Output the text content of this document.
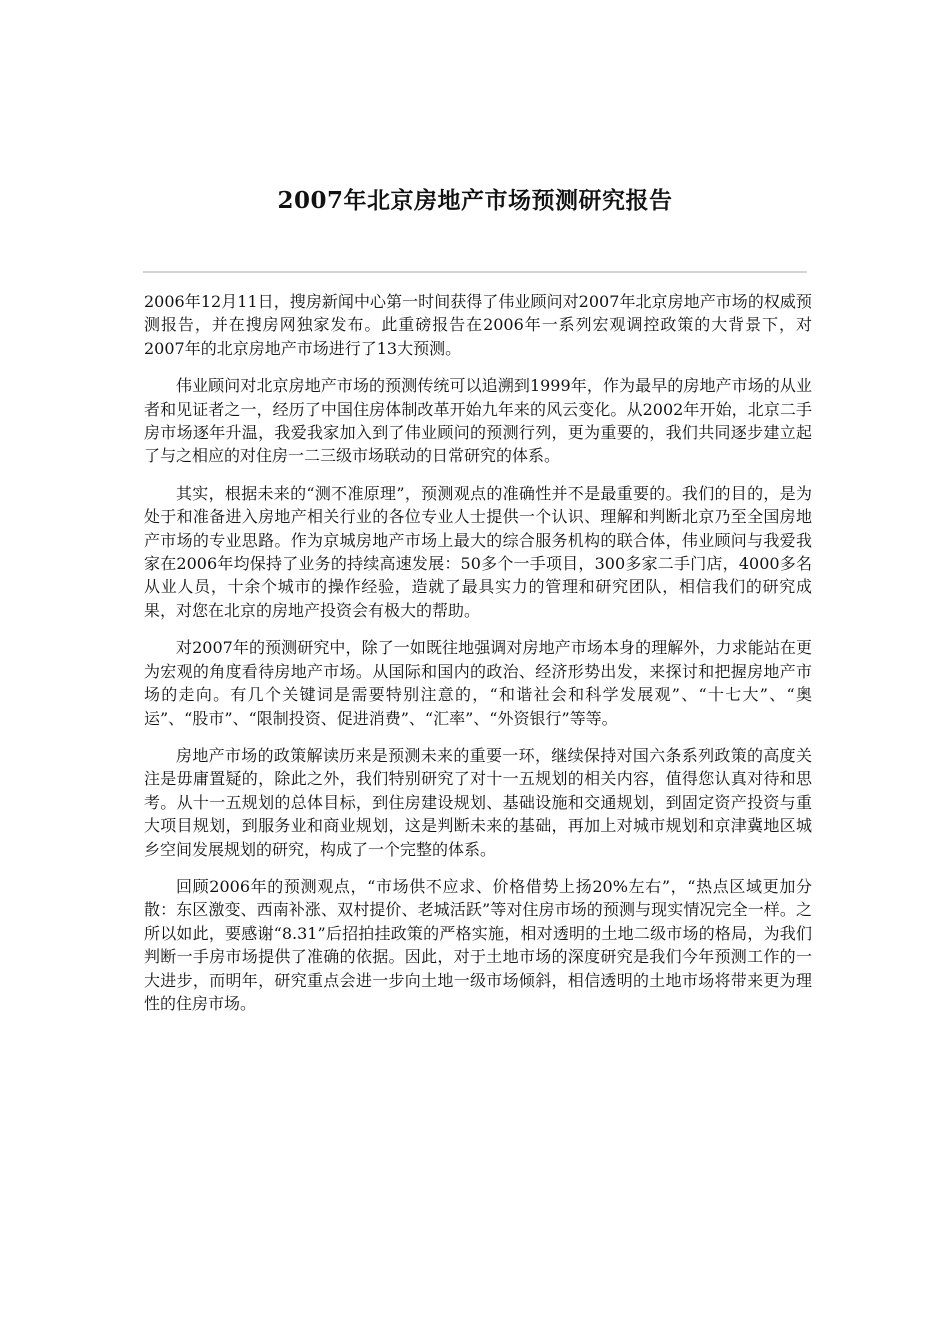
2007年北京房地产市场预测研究报告

2006年12月11日，搜房新闻中心第一时间获得了伟业顾问对2007年北京房地产市场的权威预测报告，并在搜房网独家发布。此重磅报告在2006年一系列宏观调控政策的大背景下，对2007年的北京房地产市场进行了13大预测。

伟业顾问对北京房地产市场的预测传统可以追溯到1999年，作为最早的房地产市场的从业者和见证者之一，经历了中国住房体制改革开始九年来的风云变化。从2002年开始，北京二手房市场逐年升温，我爱我家加入到了伟业顾问的预测行列，更为重要的，我们共同逐步建立起了与之相应的对住房一二三级市场联动的日常研究的体系。

其实，根据未来的“测不准原理”，预测观点的准确性并不是最重要的。我们的目的，是为处于和准备进入房地产相关行业的各位专业人士提供一个认识、理解和判断北京乃至全国房地产市场的专业思路。作为京城房地产市场上最大的综合服务机构的联合体，伟业顾问与我爱我家在2006年均保持了业务的持续高速发展：50多个一手项目，300多家二手门店，4000多名从业人员，十余个城市的操作经验，造就了最具实力的管理和研究团队，相信我们的研究成果，对您在北京的房地产投资会有极大的帮助。

对2007年的预测研究中，除了一如既往地强调对房地产市场本身的理解外，力求能站在更为宏观的角度看待房地产市场。从国际和国内的政治、经济形势出发，来探讨和把握房地产市场的走向。有几个关键词是需要特别注意的，“和谐社会和科学发展观”、“十七大”、“奥运”、“股市”、“限制投资、促进消费”、“汇率”、“外资银行”等等。

房地产市场的政策解读历来是预测未来的重要一环，继续保持对国六条系列政策的高度关注是毋庸置疑的，除此之外，我们特别研究了对十一五规划的相关内容，值得您认真对待和思考。从十一五规划的总体目标，到住房建设规划、基础设施和交通规划，到固定资产投资与重大项目规划，到服务业和商业规划，这是判断未来的基础，再加上对城市规划和京津冀地区城乡空间发展规划的研究，构成了一个完整的体系。

回顾2006年的预测观点，“市场供不应求、价格借势上扬20%左右”，“热点区域更加分散：东区激变、西南补涨、双村提价、老城活跃”等对住房市场的预测与现实情况完全一样。之所以如此，要感谢“8.31”后招拍挂政策的严格实施，相对透明的土地二级市场的格局，为我们判断一手房市场提供了准确的依据。因此，对于土地市场的深度研究是我们今年预测工作的一大进步，而明年，研究重点会进一步向土地一级市场倾斜，相信透明的土地市场将带来更为理性的住房市场。
